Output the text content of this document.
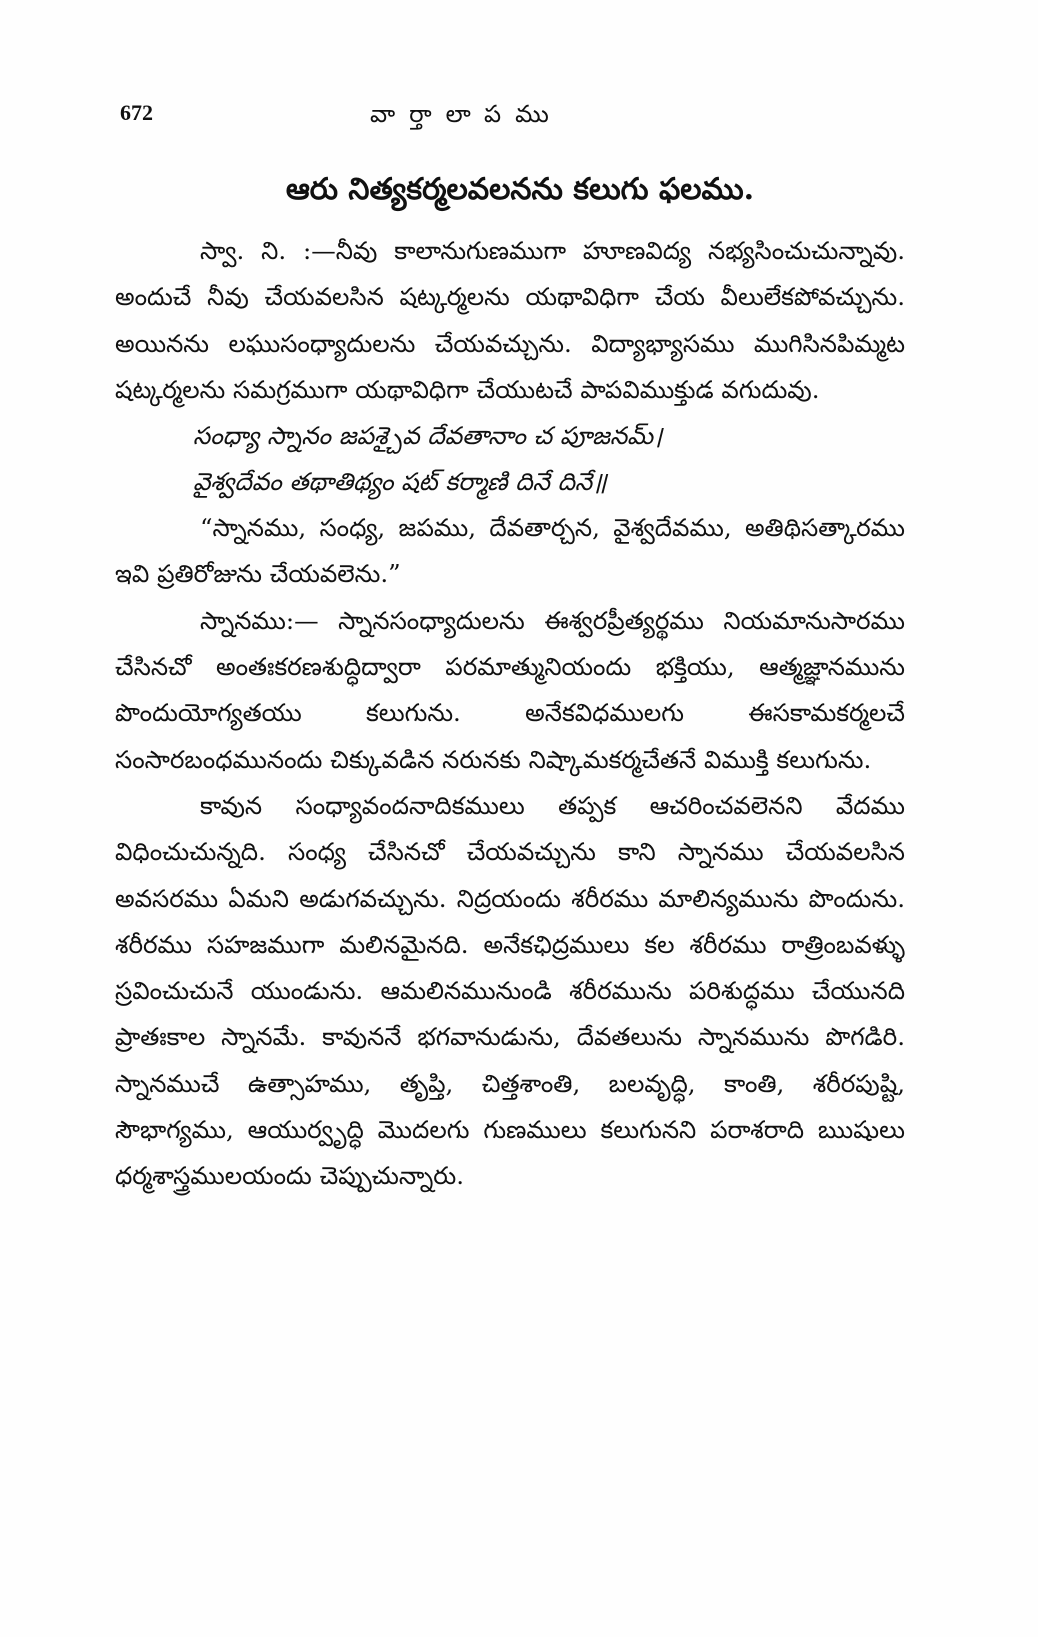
672	వార్తాలాపము
ఆరు నిత్యకర్మలవలనను కలుగు ఫలము.

స్వా. ని. :—నీవు కాలానుగుణముగా హూణవిద్య నభ్యసించుచున్నావు. అందుచే నీవు చేయవలసిన షట్కర్మలను యథావిధిగా చేయ వీలులేకపోవచ్చును. అయినను లఘుసంధ్యాదులను చేయవచ్చును. విద్యాభ్యాసము ముగిసినపిమ్మట షట్కర్మలను సమగ్రముగా యథావిధిగా చేయుటచే పాపవిముక్తుడ వగుదువు.

సంధ్యా స్నానం జపశ్చైవ దేవతానాం చ పూజనమ్।
వైశ్వదేవం తథాతిథ్యం షట్ కర్మాణి దినే దినే॥

“స్నానము, సంధ్య, జపము, దేవతార్చన, వైశ్వదేవము, అతిథిసత్కారము ఇవి ప్రతిరోజును చేయవలెను.”

స్నానము:— స్నానసంధ్యాదులను ఈశ్వరప్రీత్యర్థము నియమానుసారము చేసినచో అంతఃకరణశుద్ధిద్వారా పరమాత్మునియందు భక్తియు, ఆత్మజ్ఞానమును పొందుయోగ్యతయు కలుగును. అనేకవిధములగు ఈసకామకర్మలచే సంసారబంధమునందు చిక్కువడిన నరునకు నిష్కామకర్మచేతనే విముక్తి కలుగును.

కావున సంధ్యావందనాదికములు తప్పక ఆచరించవలెనని వేదము విధించుచున్నది. సంధ్య చేసినచో చేయవచ్చును కాని స్నానము చేయవలసిన అవసరము ఏమని అడుగవచ్చును. నిద్రయందు శరీరము మాలిన్యమును పొందును. శరీరము సహజముగా మలినమైనది. అనేకఛిద్రములు కల శరీరము రాత్రింబవళ్ళు స్రవించుచునే యుండును. ఆమలినమునుండి శరీరమును పరిశుద్ధము చేయునది ప్రాతఃకాల స్నానమే. కావుననే భగవానుడును, దేవతలును స్నానమును పొగడిరి. స్నానముచే ఉత్సాహము, తృప్తి, చిత్తశాంతి, బలవృద్ధి, కాంతి, శరీరపుష్టి, సౌభాగ్యము, ఆయుర్వృద్ధి మొదలగు గుణములు కలుగునని పరాశరాది ఋషులు ధర్మశాస్త్రములయందు చెప్పుచున్నారు.
